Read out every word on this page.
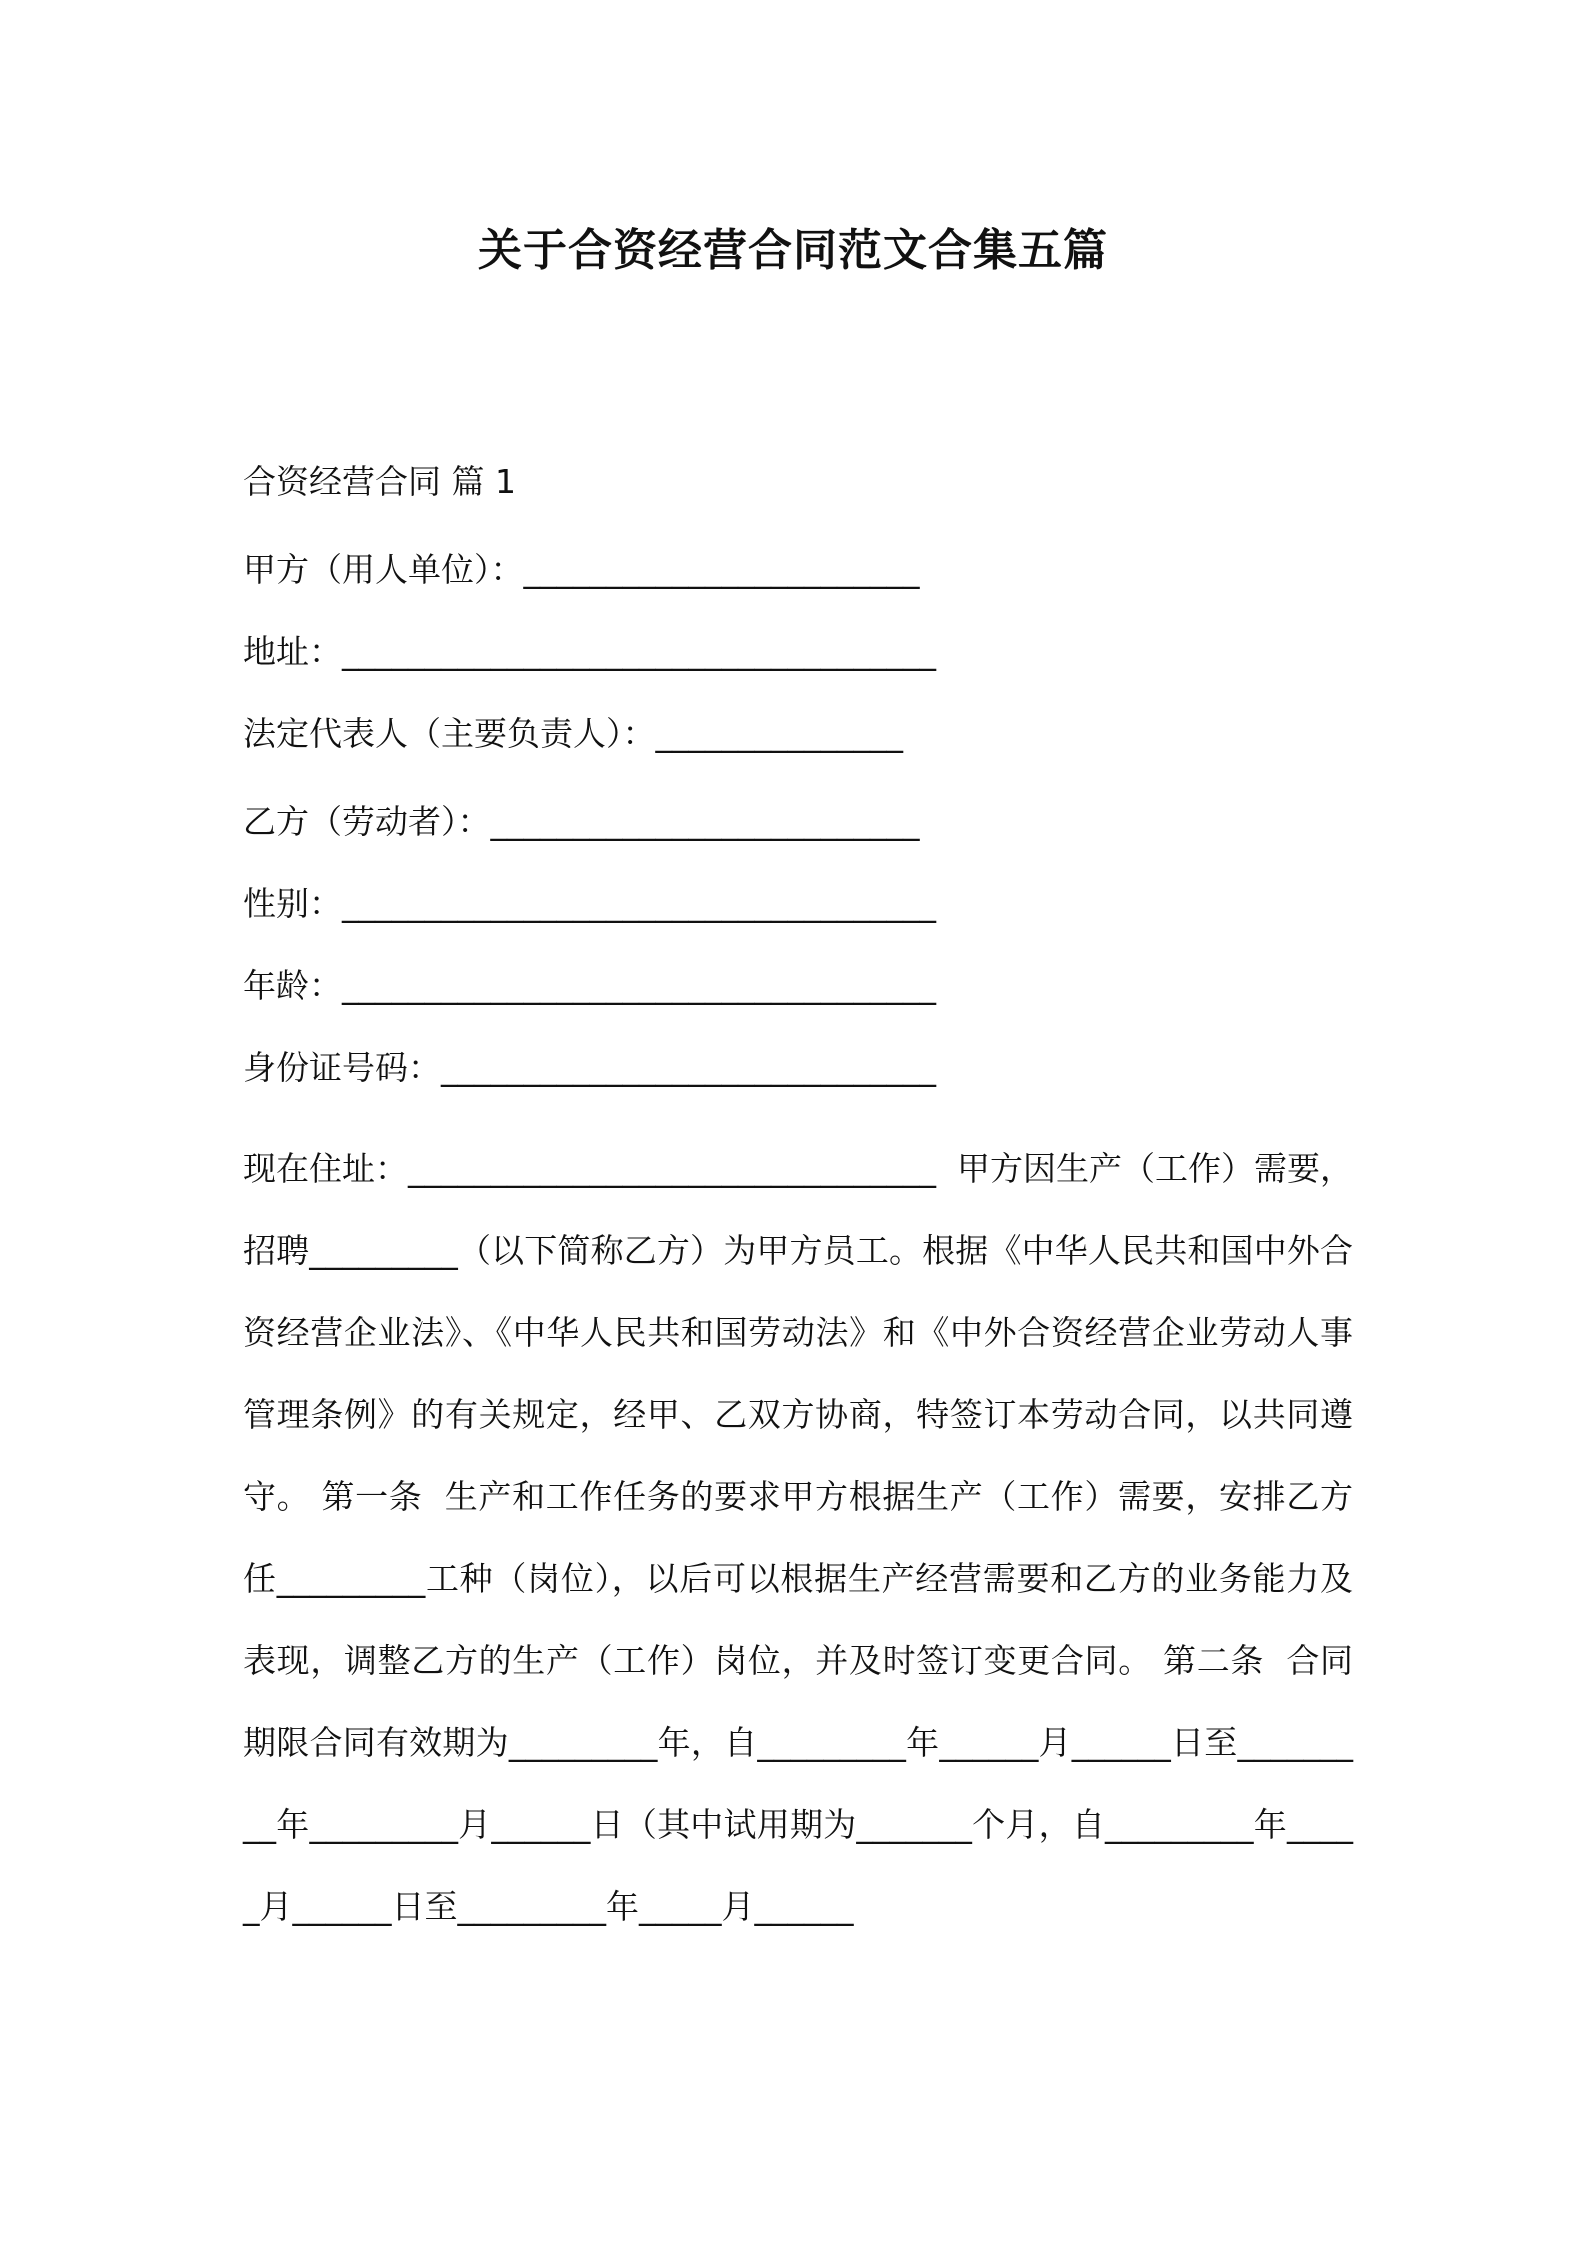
关于合资经营合同范文合集五篇

合资经营合同 篇 1

甲方（用人单位）：________________________

地址：____________________________________

法定代表人（主要负责人）：_______________

乙方（劳动者）：__________________________

性别：____________________________________

年龄：____________________________________

身份证号码：______________________________

现在住址：________________________________  甲方因生产（工作）需要，招聘_________（以下简称乙方）为甲方员工。根据《中华人民共和国中外合资经营企业法》、《中华人民共和国劳动法》和《中外合资经营企业劳动人事管理条例》的有关规定，经甲、乙双方协商，特签订本劳动合同，以共同遵守。 第一条  生产和工作任务的要求甲方根据生产（工作）需要，安排乙方任_________工种（岗位），以后可以根据生产经营需要和乙方的业务能力及表现，调整乙方的生产（工作）岗位，并及时签订变更合同。 第二条  合同期限合同有效期为_________年，自_________年______月______日至_________年_________月______日（其中试用期为_______个月，自_________年_____月______日至_________年_____月______
